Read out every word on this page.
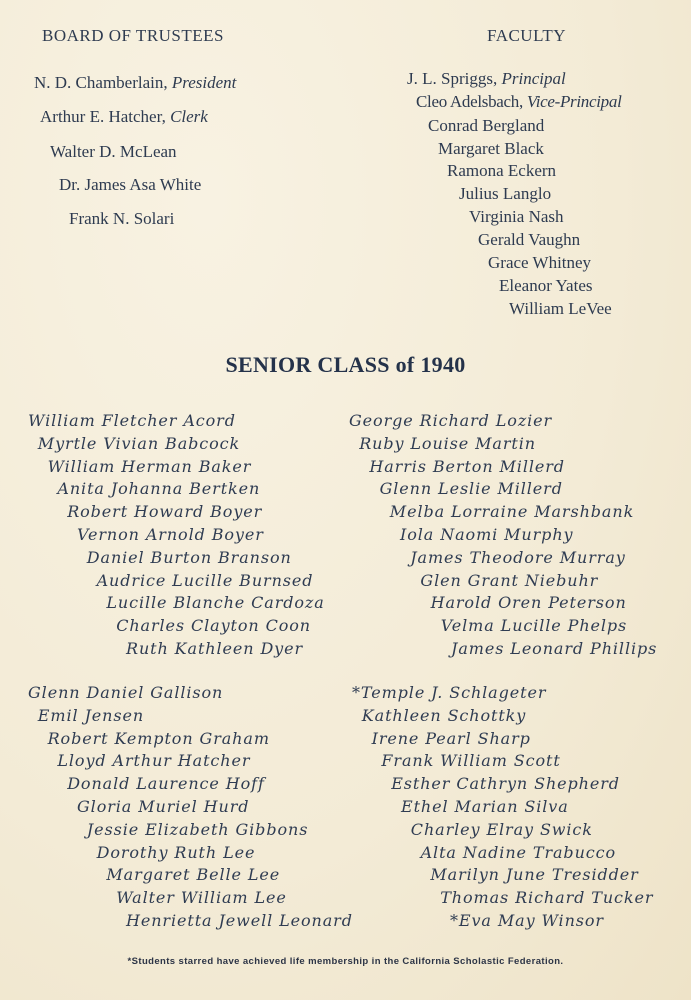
BOARD OF TRUSTEES
N. D. Chamberlain, President
Arthur E. Hatcher, Clerk
Walter D. McLean
Dr. James Asa White
Frank N. Solari
FACULTY
J. L. Spriggs, Principal
Cleo Adelsbach, Vice-Principal
Conrad Bergland
Margaret Black
Ramona Eckern
Julius Langlo
Virginia Nash
Gerald Vaughn
Grace Whitney
Eleanor Yates
William LeVee
SENIOR CLASS of 1940
William Fletcher Acord
Myrtle Vivian Babcock
William Herman Baker
Anita Johanna Bertken
Robert Howard Boyer
Vernon Arnold Boyer
Daniel Burton Branson
Audrice Lucille Burnsed
Lucille Blanche Cardoza
Charles Clayton Coon
Ruth Kathleen Dyer
George Richard Lozier
Ruby Louise Martin
Harris Berton Millerd
Glenn Leslie Millerd
Melba Lorraine Marshbank
Iola Naomi Murphy
James Theodore Murray
Glen Grant Niebuhr
Harold Oren Peterson
Velma Lucille Phelps
James Leonard Phillips
Glenn Daniel Gallison
Emil Jensen
Robert Kempton Graham
Lloyd Arthur Hatcher
Donald Laurence Hoff
Gloria Muriel Hurd
Jessie Elizabeth Gibbons
Dorothy Ruth Lee
Margaret Belle Lee
Walter William Lee
Henrietta Jewell Leonard
*Temple J. Schlageter
Kathleen Schottky
Irene Pearl Sharp
Frank William Scott
Esther Cathryn Shepherd
Ethel Marian Silva
Charley Elray Swick
Alta Nadine Trabucco
Marilyn June Tresidder
Thomas Richard Tucker
*Eva May Winsor
*Students starred have achieved life membership in the California Scholastic Federation.
